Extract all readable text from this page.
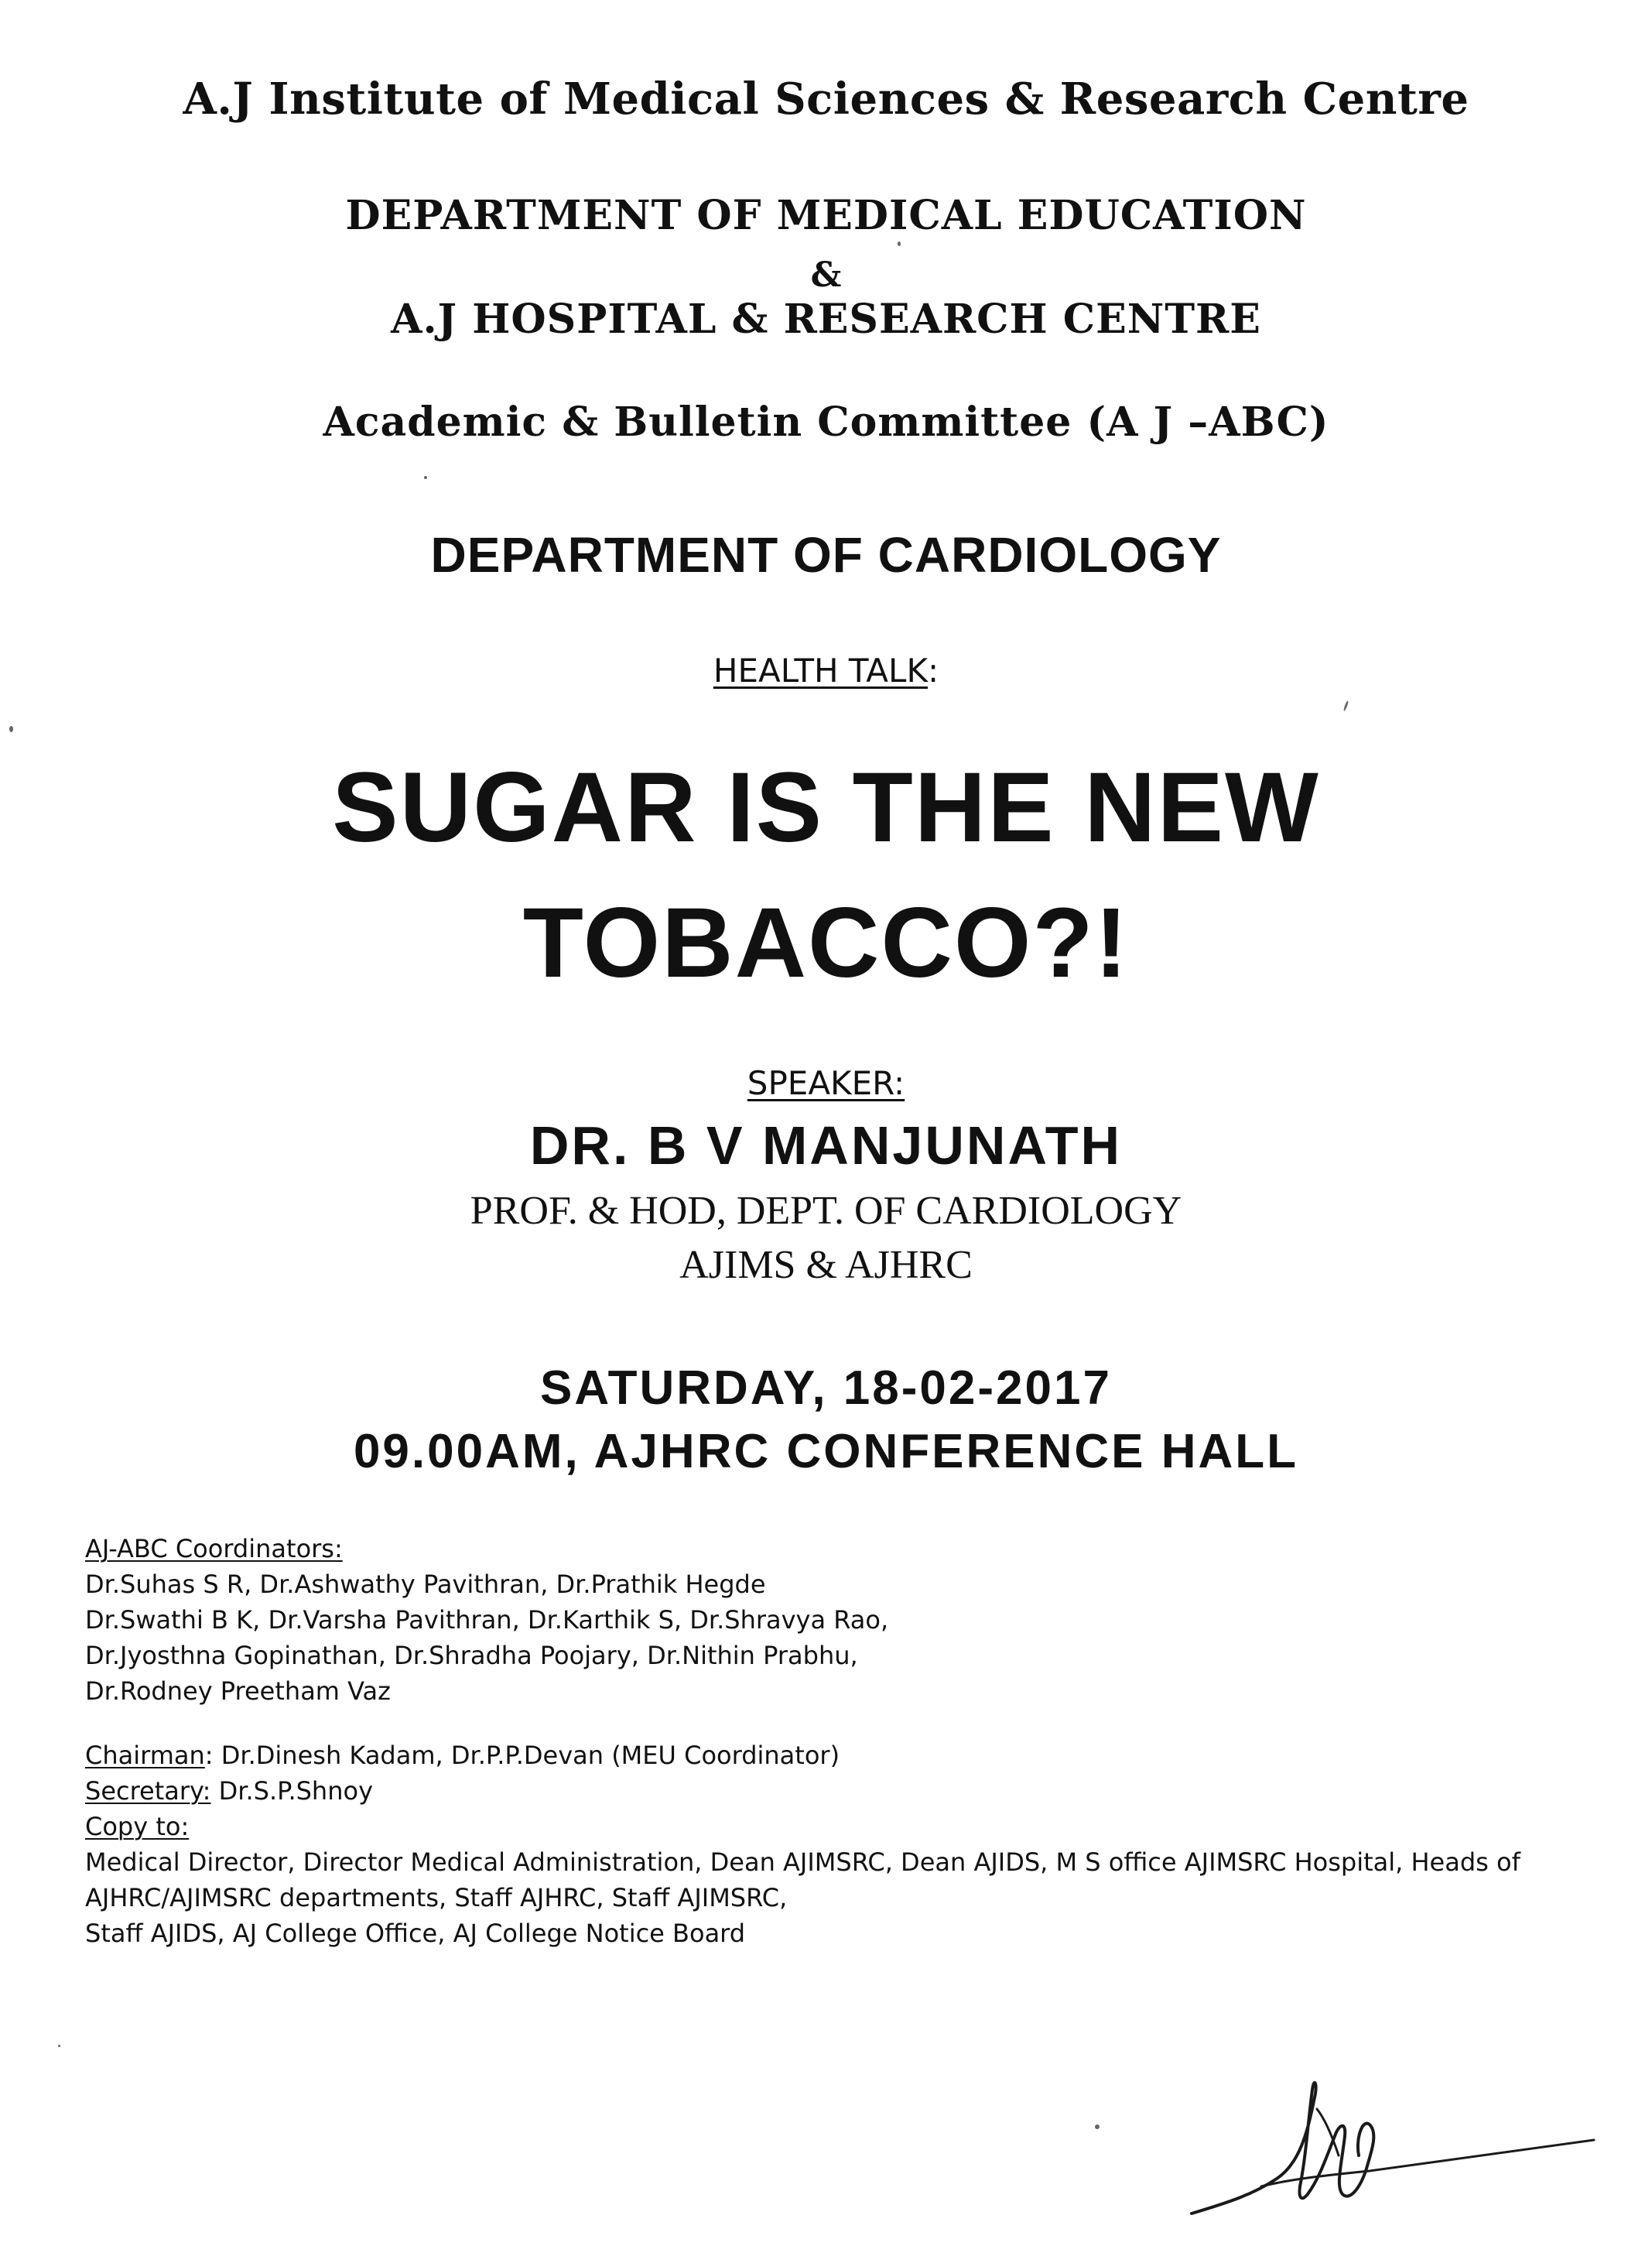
A.J Institute of Medical Sciences & Research Centre
DEPARTMENT OF MEDICAL EDUCATION
&
A.J HOSPITAL & RESEARCH CENTRE
Academic & Bulletin Committee (A J –ABC)
DEPARTMENT OF CARDIOLOGY
HEALTH TALK:
SUGAR IS THE NEW
TOBACCO?!
SPEAKER:
DR. B V MANJUNATH
PROF. & HOD, DEPT. OF CARDIOLOGY
AJIMS & AJHRC
SATURDAY, 18-02-2017
09.00AM, AJHRC CONFERENCE HALL
AJ-ABC Coordinators:
Dr.Suhas S R, Dr.Ashwathy Pavithran, Dr.Prathik Hegde
Dr.Swathi B K, Dr.Varsha Pavithran, Dr.Karthik S, Dr.Shravya Rao,
Dr.Jyosthna Gopinathan, Dr.Shradha Poojary, Dr.Nithin Prabhu,
Dr.Rodney Preetham Vaz
Chairman: Dr.Dinesh Kadam, Dr.P.P.Devan (MEU Coordinator)
Secretary: Dr.S.P.Shnoy
Copy to:
Medical Director, Director Medical Administration, Dean AJIMSRC, Dean AJIDS, M S office AJIMSRC Hospital, Heads of
AJHRC/AJIMSRC departments, Staff AJHRC, Staff AJIMSRC,
Staff AJIDS, AJ College Office, AJ College Notice Board
